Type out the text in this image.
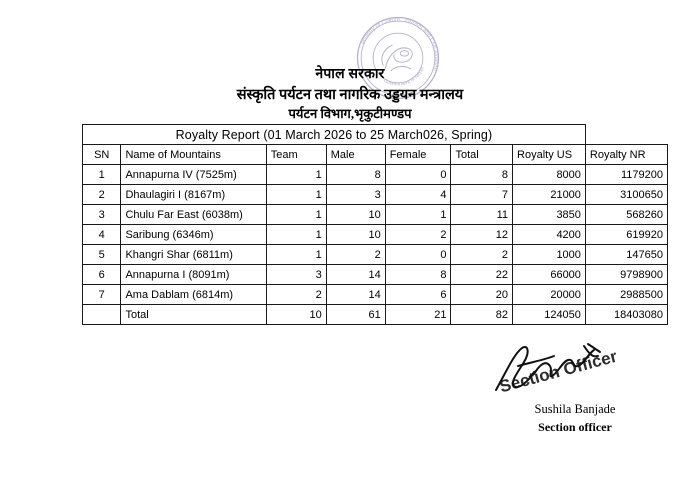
Ministry of Culture, Tourism and Civil Aviation
Government of Nepal
नेपाल सरकार
संस्कृति पर्यटन तथा नागरिक उड्डयन मन्त्रालय
पर्यटन विभाग,भृकुटीमण्डप
Royalty Report (01 March 2026 to 25 March026, Spring)							
SN	Name of Mountains	Team	Male	Female	Total	Royalty US	Royalty NR
1	Annapurna IV (7525m)	1	8	0	8	8000	1179200
2	Dhaulagiri I (8167m)	1	3	4	7	21000	3100650
3	Chulu Far East (6038m)	1	10	1	11	3850	568260
4	Saribung (6346m)	1	10	2	12	4200	619920
5	Khangri Shar (6811m)	1	2	0	2	1000	147650
6	Annapurna I (8091m)	3	14	8	22	66000	9798900
7	Ama Dablam (6814m)	2	14	6	20	20000	2988500
	Total	10	61	21	82	124050	18403080
Section Officer
Sushila Banjade
Section officer
